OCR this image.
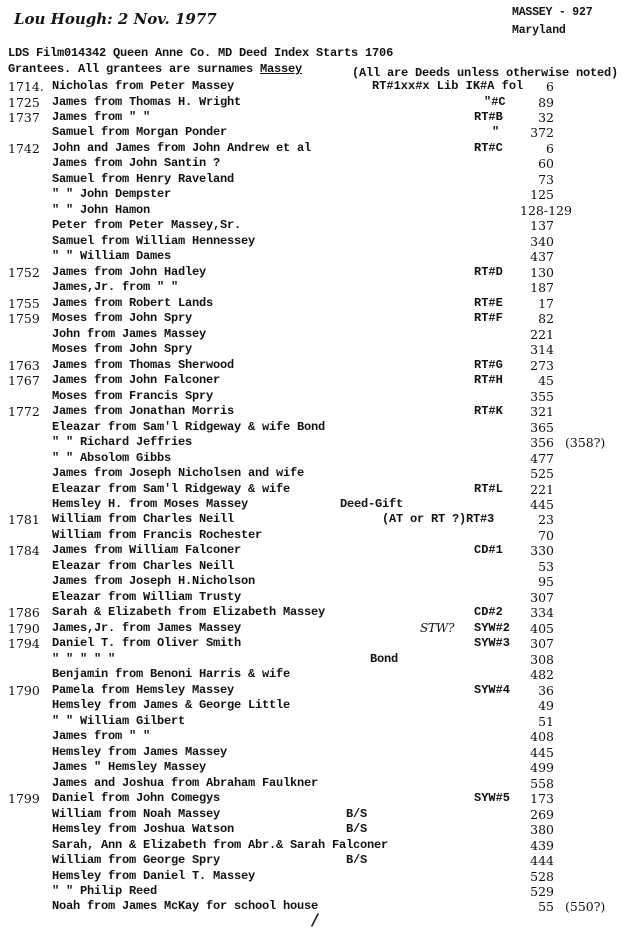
Lou Hough: 2 Nov. 1977	MASSEY - 927
Maryland
LDS Film014342 Queen Anne Co. MD Deed Index Starts 1706
Grantees. All grantees are surnames Massey	(All are Deeds unless otherwise noted)
1714. Nicholas from Peter Massey	RT#1xx#x Lib IK#A fol	6
1725 James from Thomas H. Wright	"#C	89
1737 James from " "	RT#B	32
Samuel from Morgan Ponder	"	372
1742 John and James from John Andrew et al	RT#C	6
James from John Santin ?	60
Samuel from Henry Raveland	73
" " John Dempster	125
" " John Hamon	128-129
Peter from Peter Massey,Sr.	137
Samuel from William Hennessey	340
" " William Dames	437
1752 James from John Hadley	RT#D	130
James,Jr. from " "	187
1755 James from Robert Lands	RT#E	17
1759 Moses from John Spry	RT#F	82
John from James Massey	221
Moses from John Spry	314
1763 James from Thomas Sherwood	RT#G	273
1767 James from John Falconer	RT#H	45
Moses from Francis Spry	355
1772 James from Jonathan Morris	RT#K	321
Eleazar from Sam'l Ridgeway & wife Bond	365
" " Richard Jeffries	356 (358?)
" " Absolom Gibbs	477
James from Joseph Nicholsen and wife	525
Eleazar from Sam'l Ridgeway & wife	RT#L	221
Hemsley H. from Moses Massey	Deed-Gift	445
1781 William from Charles Neill	(AT or RT ?)RT#3	23
William from Francis Rochester	70
1784 James from William Falconer	CD#1	330
Eleazar from Charles Neill	53
James from Joseph H.Nicholson	95
Eleazar from William Trusty	307
1786 Sarah & Elizabeth from Elizabeth Massey	CD#2	334
1790 James,Jr. from James Massey	STW? SYW#2	405
1794 Daniel T. from Oliver Smith	SYW#3	307
" " " " "	Bond	308
Benjamin from Benoni Harris & wife	482
1790 Pamela from Hemsley Massey	SYW#4	36
Hemsley from James & George Little	49
" " William Gilbert	51
James from " "	408
Hemsley from James Massey	445
James " Hemsley Massey	499
James and Joshua from Abraham Faulkner	558
1799 Daniel from John Comegys	SYW#5	173
William from Noah Massey	B/S	269
Hemsley from Joshua Watson	B/S	380
Sarah, Ann & Elizabeth from Abr.& Sarah Falconer	439
William from George Spry	B/S	444
Hemsley from Daniel T. Massey	528
" " Philip Reed	529
Noah from James McKay for school house	55 (550?)
/
